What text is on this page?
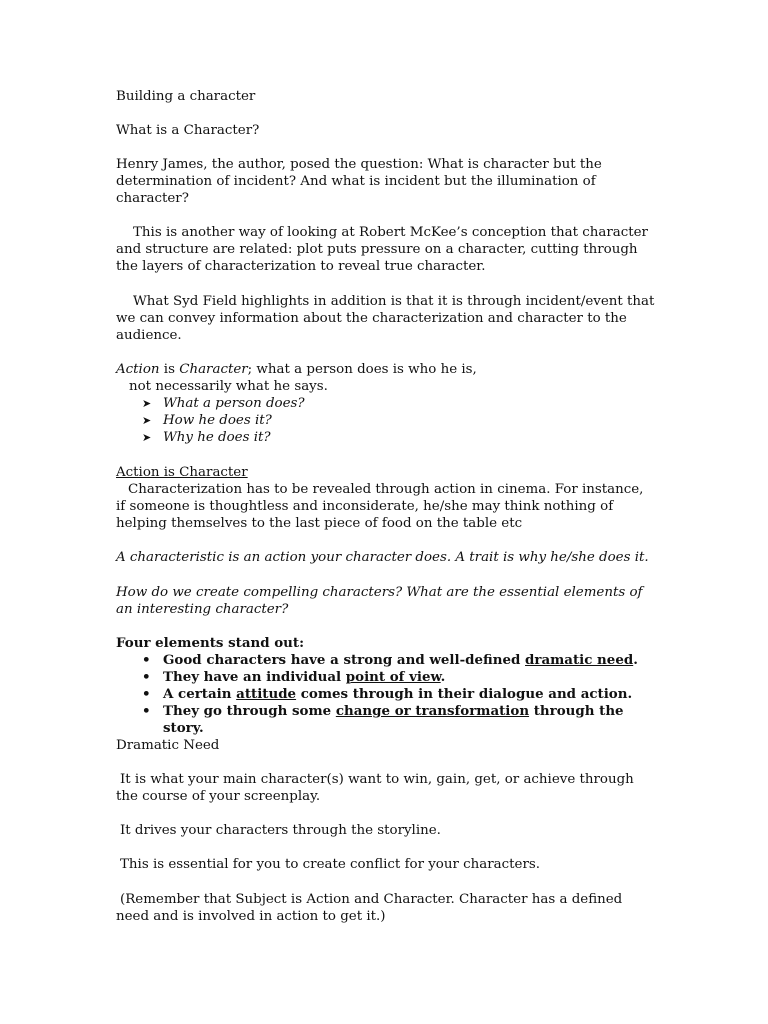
Building a character

What is a Character?

Henry James, the author, posed the question: What is character but the determination of incident? And what is incident but the illumination of character?

This is another way of looking at Robert McKee’s conception that character and structure are related: plot puts pressure on a character, cutting through the layers of characterization to reveal true character.

What Syd Field highlights in addition is that it is through incident/event that we can convey information about the characterization and character to the audience.

Action is Character; what a person does is who he is,
not necessarily what he says.
➤ What a person does?
➤ How he does it?
➤ Why he does it?
Action is Character
Characterization has to be revealed through action in cinema. For instance, if someone is thoughtless and inconsiderate, he/she may think nothing of helping themselves to the last piece of food on the table etc

A characteristic is an action your character does. A trait is why he/she does it.

How do we create compelling characters? What are the essential elements of an interesting character?

Four elements stand out:
• Good characters have a strong and well-defined dramatic need.
• They have an individual point of view.
• A certain attitude comes through in their dialogue and action.
• They go through some change or transformation through the story.

Dramatic Need

It is what your main character(s) want to win, gain, get, or achieve through the course of your screenplay.

It drives your characters through the storyline.

This is essential for you to create conflict for your characters.

(Remember that Subject is Action and Character. Character has a defined need and is involved in action to get it.)
